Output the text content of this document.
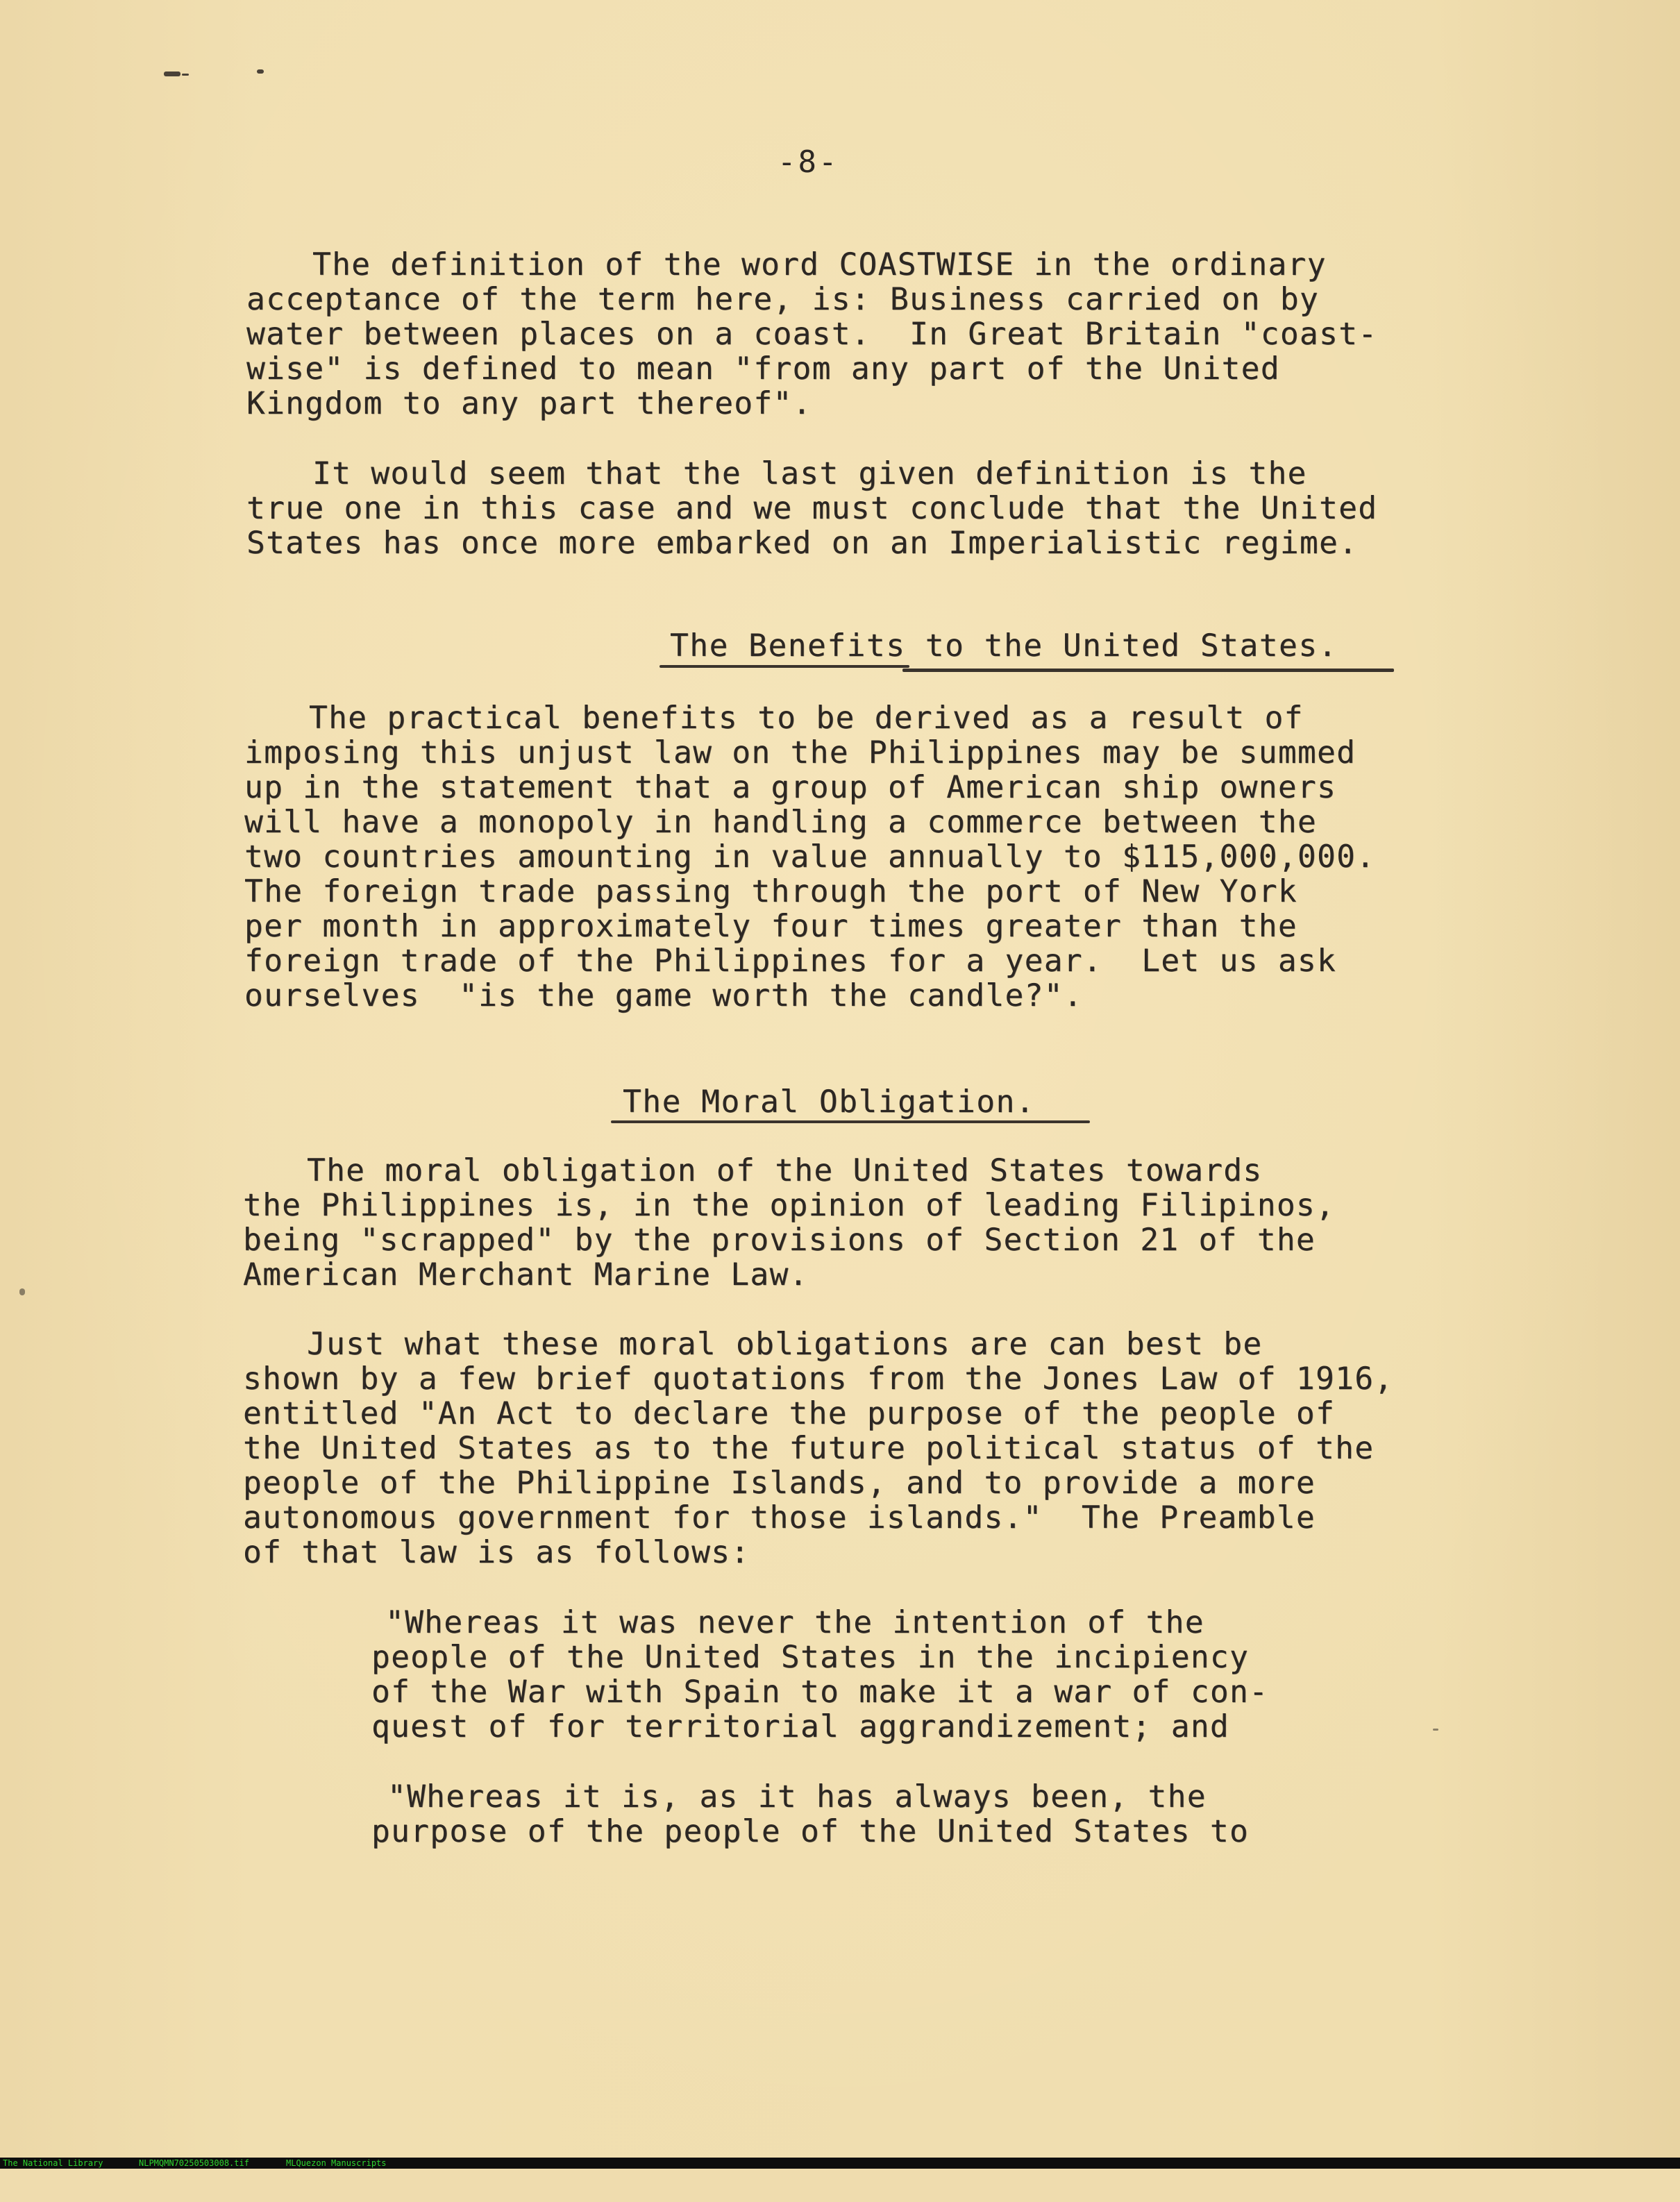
-8-
The definition of the word COASTWISE in the ordinary
acceptance of the term here, is: Business carried on by
water between places on a coast.  In Great Britain "coast-
wise" is defined to mean "from any part of the United
Kingdom to any part thereof".
It would seem that the last given definition is the
true one in this case and we must conclude that the United
States has once more embarked on an Imperialistic regime.
The Benefits to the United States.
The practical benefits to be derived as a result of
imposing this unjust law on the Philippines may be summed
up in the statement that a group of American ship owners
will have a monopoly in handling a commerce between the
two countries amounting in value annually to $115,000,000.
The foreign trade passing through the port of New York
per month in approximately four times greater than the
foreign trade of the Philippines for a year.  Let us ask
ourselves  "is the game worth the candle?".
The Moral Obligation.
The moral obligation of the United States towards
the Philippines is, in the opinion of leading Filipinos,
being "scrapped" by the provisions of Section 21 of the
American Merchant Marine Law.
Just what these moral obligations are can best be
shown by a few brief quotations from the Jones Law of 1916,
entitled "An Act to declare the purpose of the people of
the United States as to the future political status of the
people of the Philippine Islands, and to provide a more
autonomous government for those islands."  The Preamble
of that law is as follows:
"Whereas it was never the intention of the
people of the United States in the incipiency
of the War with Spain to make it a war of con-
quest of for territorial aggrandizement; and
"Whereas it is, as it has always been, the
purpose of the people of the United States to

The National Library

	NLPMQMN70250503008.tif

	MLQuezon Manuscripts
